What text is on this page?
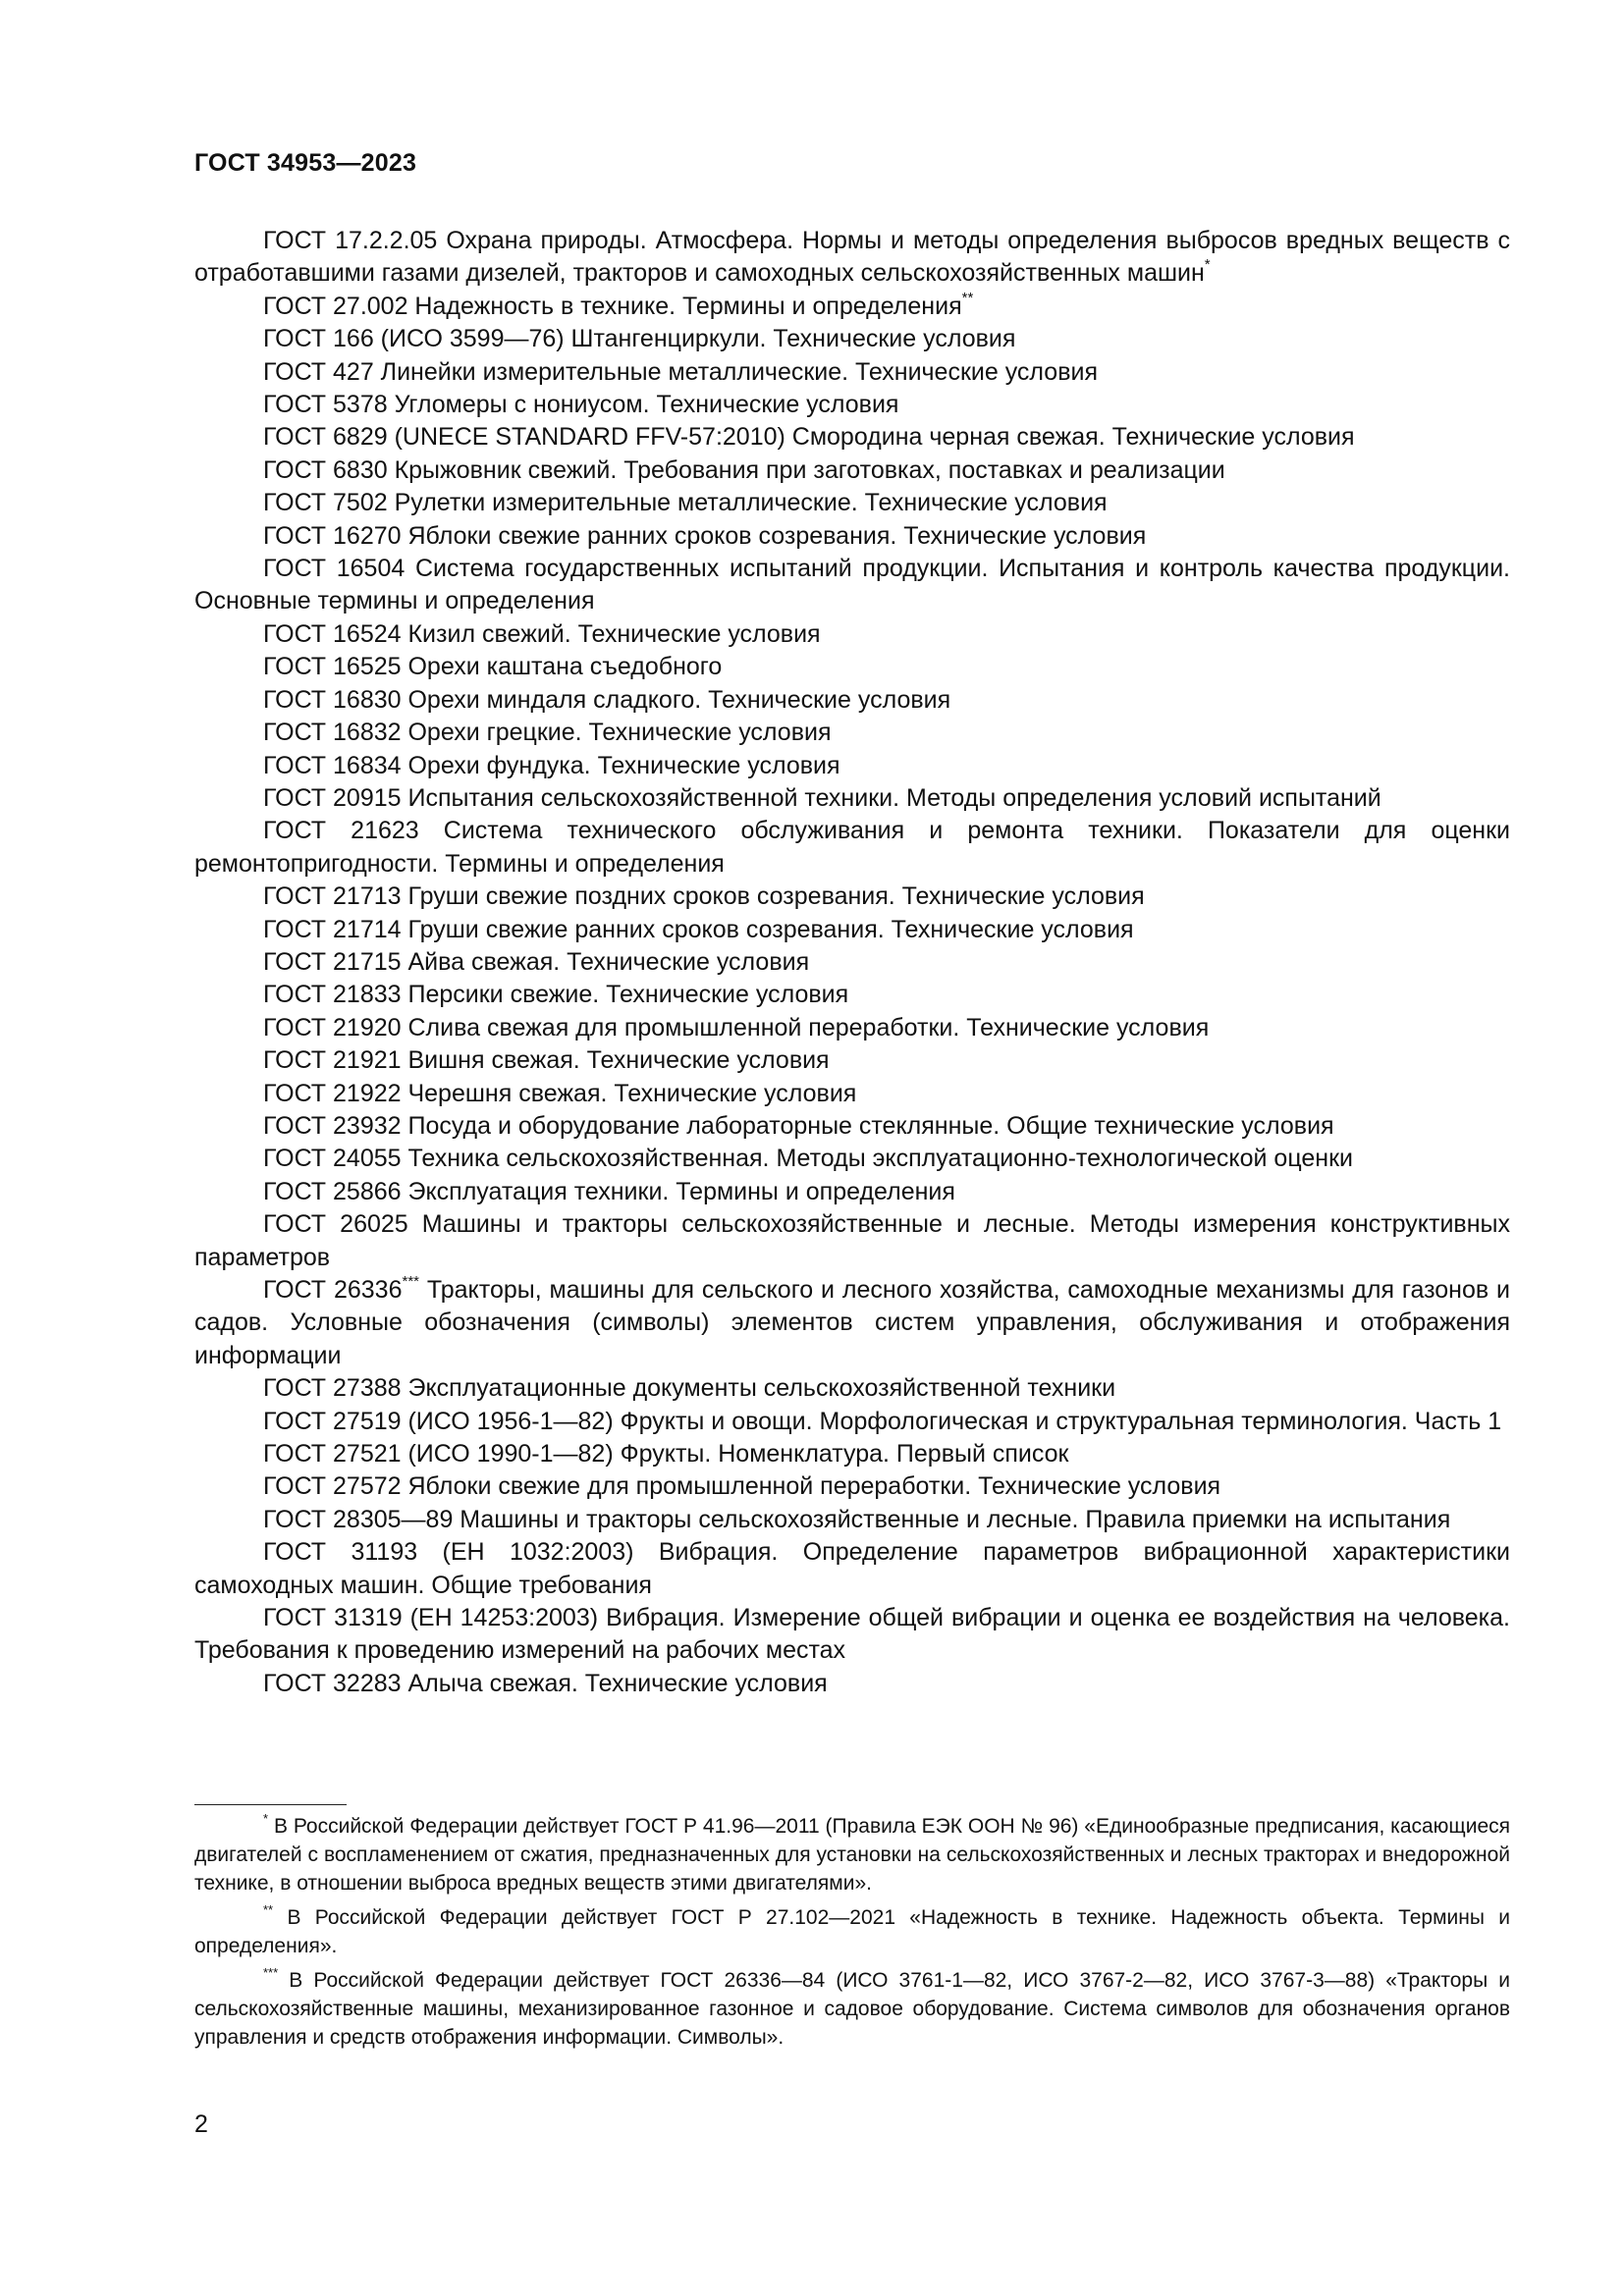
ГОСТ 34953—2023

ГОСТ 17.2.2.05 Охрана природы. Атмосфера. Нормы и методы определения выбросов вредных веществ с отработавшими газами дизелей, тракторов и самоходных сельскохозяйственных машин*

ГОСТ 27.002 Надежность в технике. Термины и определения**

ГОСТ 166 (ИСО 3599—76) Штангенциркули. Технические условия

ГОСТ 427 Линейки измерительные металлические. Технические условия

ГОСТ 5378 Угломеры с нониусом. Технические условия

ГОСТ 6829 (UNECE STANDARD FFV-57:2010) Смородина черная свежая. Технические условия

ГОСТ 6830 Крыжовник свежий. Требования при заготовках, поставках и реализации

ГОСТ 7502 Рулетки измерительные металлические. Технические условия

ГОСТ 16270 Яблоки свежие ранних сроков созревания. Технические условия

ГОСТ 16504 Система государственных испытаний продукции. Испытания и контроль качества продукции. Основные термины и определения

ГОСТ 16524 Кизил свежий. Технические условия

ГОСТ 16525 Орехи каштана съедобного

ГОСТ 16830 Орехи миндаля сладкого. Технические условия

ГОСТ 16832 Орехи грецкие. Технические условия

ГОСТ 16834 Орехи фундука. Технические условия

ГОСТ 20915 Испытания сельскохозяйственной техники. Методы определения условий испытаний

ГОСТ 21623 Система технического обслуживания и ремонта техники. Показатели для оценки ремонтопригодности. Термины и определения

ГОСТ 21713 Груши свежие поздних сроков созревания. Технические условия

ГОСТ 21714 Груши свежие ранних сроков созревания. Технические условия

ГОСТ 21715 Айва свежая. Технические условия

ГОСТ 21833 Персики свежие. Технические условия

ГОСТ 21920 Слива свежая для промышленной переработки. Технические условия

ГОСТ 21921 Вишня свежая. Технические условия

ГОСТ 21922 Черешня свежая. Технические условия

ГОСТ 23932 Посуда и оборудование лабораторные стеклянные. Общие технические условия

ГОСТ 24055 Техника сельскохозяйственная. Методы эксплуатационно-технологической оценки

ГОСТ 25866 Эксплуатация техники. Термины и определения

ГОСТ 26025 Машины и тракторы сельскохозяйственные и лесные. Методы измерения конструктивных параметров

ГОСТ 26336*** Тракторы, машины для сельского и лесного хозяйства, самоходные механизмы для газонов и садов. Условные обозначения (символы) элементов систем управления, обслуживания и отображения информации

ГОСТ 27388 Эксплуатационные документы сельскохозяйственной техники

ГОСТ 27519 (ИСО 1956-1—82) Фрукты и овощи. Морфологическая и структуральная терминология. Часть 1

ГОСТ 27521 (ИСО 1990-1—82) Фрукты. Номенклатура. Первый список

ГОСТ 27572 Яблоки свежие для промышленной переработки. Технические условия

ГОСТ 28305—89 Машины и тракторы сельскохозяйственные и лесные. Правила приемки на испытания

ГОСТ 31193 (ЕН 1032:2003) Вибрация. Определение параметров вибрационной характеристики самоходных машин. Общие требования

ГОСТ 31319 (ЕН 14253:2003) Вибрация. Измерение общей вибрации и оценка ее воздействия на человека. Требования к проведению измерений на рабочих местах

ГОСТ 32283 Алыча свежая. Технические условия

* В Российской Федерации действует ГОСТ Р 41.96—2011 (Правила ЕЭК ООН № 96) «Единообразные предписания, касающиеся двигателей с воспламенением от сжатия, предназначенных для установки на сельскохозяйственных и лесных тракторах и внедорожной технике, в отношении выброса вредных веществ этими двигателями».

** В Российской Федерации действует ГОСТ Р 27.102—2021 «Надежность в технике. Надежность объекта. Термины и определения».

*** В Российской Федерации действует ГОСТ 26336—84 (ИСО 3761-1—82, ИСО 3767-2—82, ИСО 3767-3—88) «Тракторы и сельскохозяйственные машины, механизированное газонное и садовое оборудование. Система символов для обозначения органов управления и средств отображения информации. Символы».

2
